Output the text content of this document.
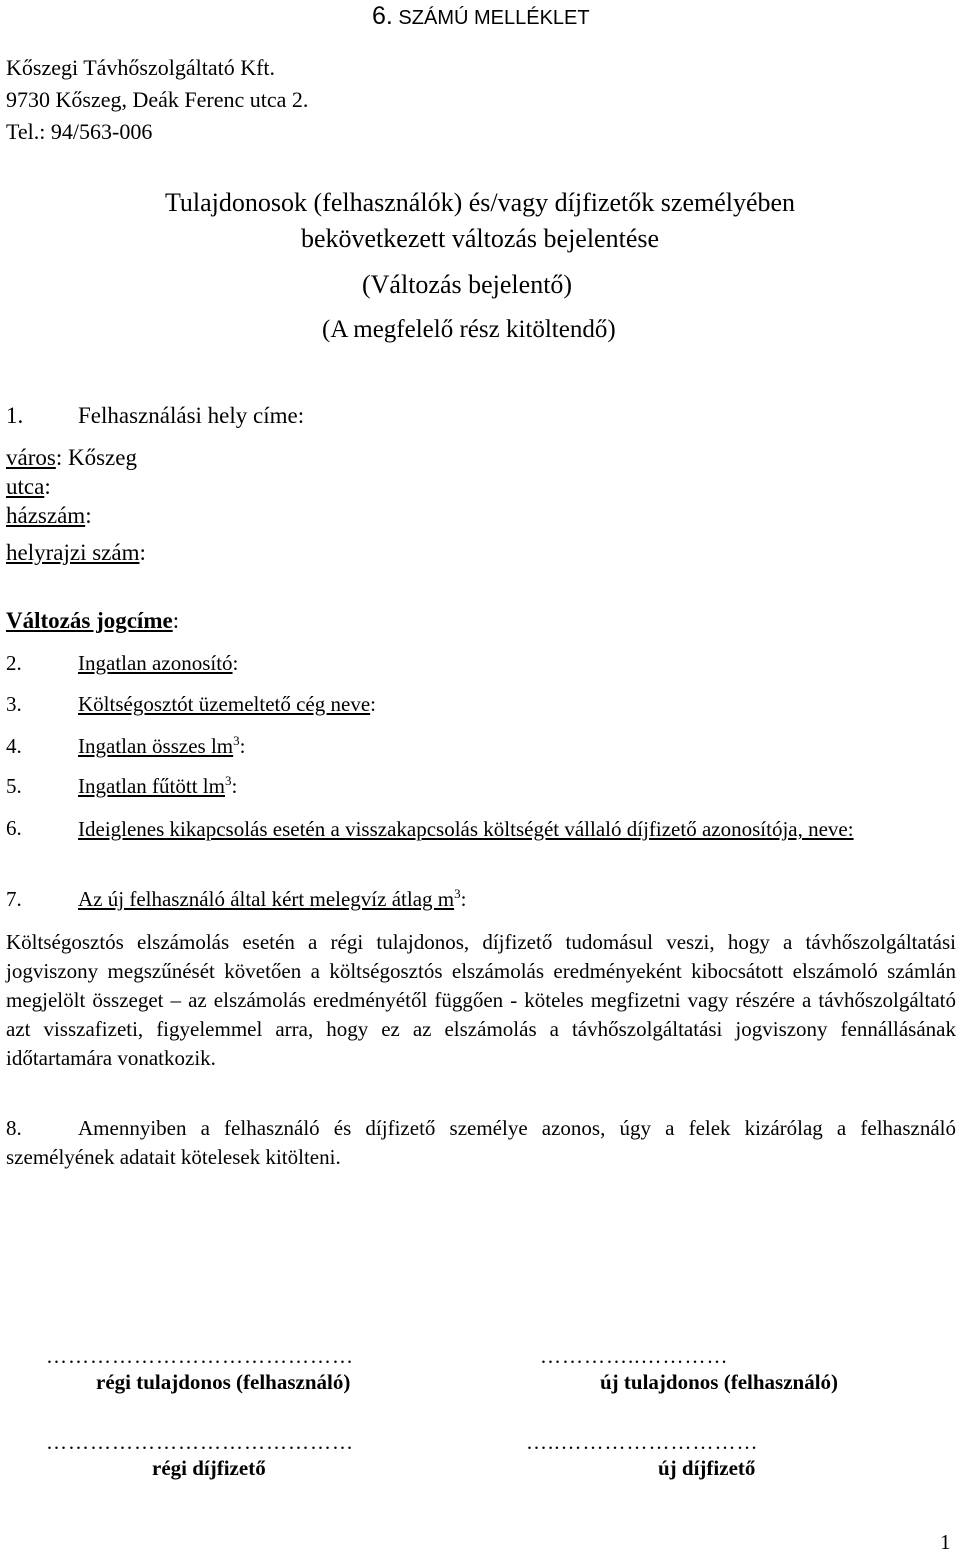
6. SZÁMÚ MELLÉKLET
Kőszegi Távhőszolgáltató Kft.
9730 Kőszeg, Deák Ferenc utca 2.
Tel.: 94/563-006
Tulajdonosok (felhasználók) és/vagy díjfizetők személyében
bekövetkezett változás bejelentése
(Változás bejelentő)
(A megfelelő rész kitöltendő)
1. Felhasználási hely címe:
város: Kőszeg
utca:
házszám:
helyrajzi szám:
Változás jogcíme:
2.	Ingatlan azonosító:
3.	Költségosztót üzemeltető cég neve:
4.	Ingatlan összes $lm^3$:
5.	Ingatlan fűtött $lm^3$:
6.	Ideiglenes kikapcsolás esetén a visszakapcsolás költségét vállaló díjfizető azonosítója, neve:
7.	Az új felhasználó által kért melegvíz átlag $m^3$:
Költségosztós elszámolás esetén a régi tulajdonos, díjfizető tudomásul veszi, hogy a távhőszolgáltatási jogviszony megszűnését követően a költségosztós elszámolás eredményeként kibocsátott elszámoló számlán megjelölt összeget – az elszámolás eredményétől függően - köteles megfizetni vagy részére a távhőszolgáltató azt visszafizeti, figyelemmel arra, hogy ez az elszámolás a távhőszolgáltatási jogviszony fennállásának időtartamára vonatkozik.
8.	Amennyiben a felhasználó és díjfizető személye azonos, úgy a felek kizárólag a felhasználó személyének adatait kötelesek kitölteni.
……………………………………	…………..…………
régi tulajdonos (felhasználó)	új tulajdonos (felhasználó)
……………………………………	…..………………………
régi díjfizető	új díjfizető
1
